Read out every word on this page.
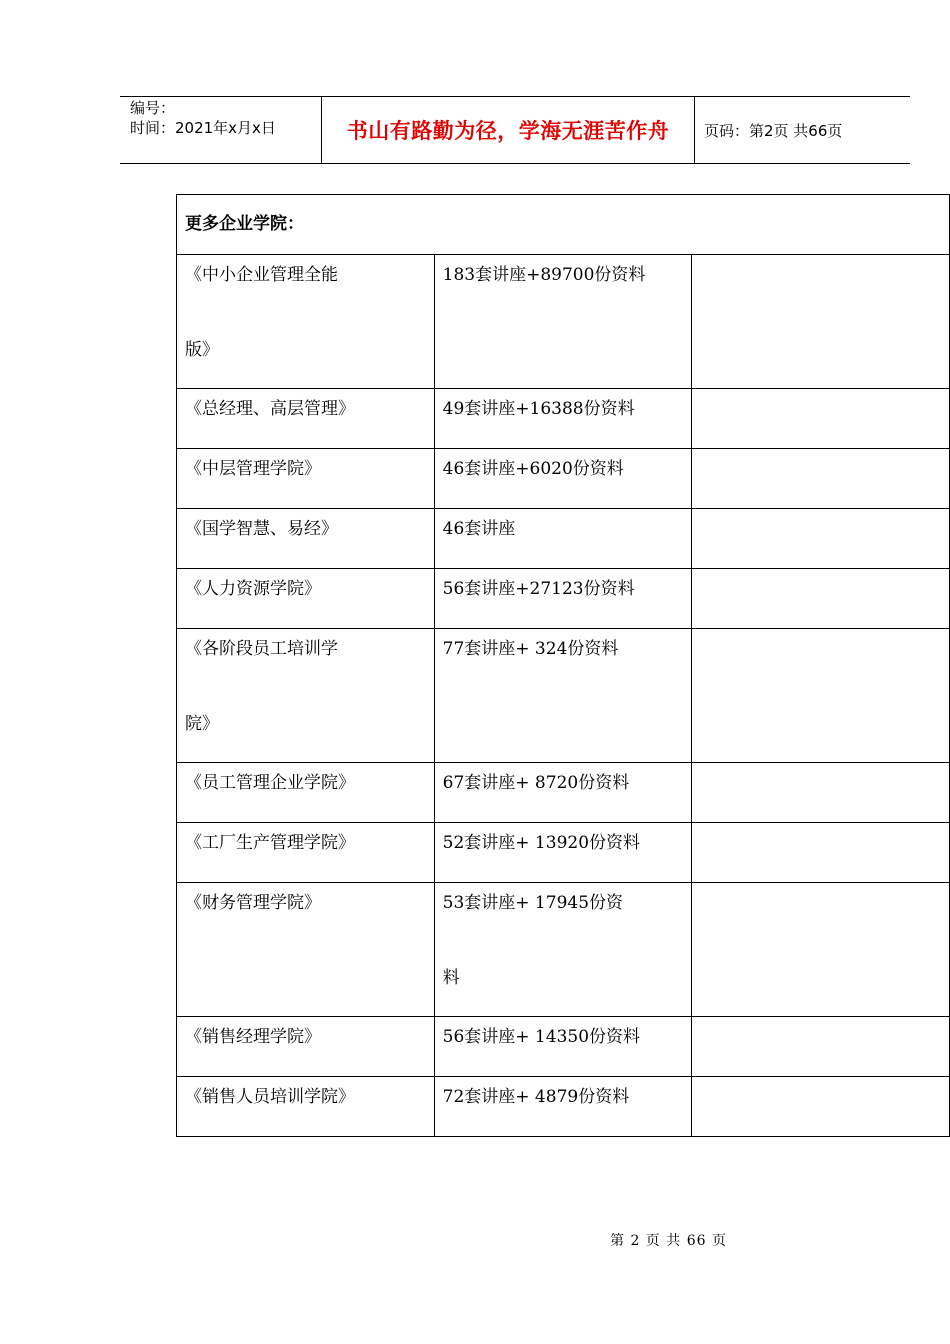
编号：
时间：2021年x月x日	书山有路勤为径，学海无涯苦作舟	页码：第2页 共66页
更多企业学院：		

《中小企业管理全能
版》	183套讲座+89700份资料	

《总经理、高层管理》	49套讲座+16388份资料	

《中层管理学院》	46套讲座+6020份资料	

《国学智慧、易经》	46套讲座	

《人力资源学院》	56套讲座+27123份资料	

《各阶段员工培训学
院》	77套讲座+ 324份资料	

《员工管理企业学院》	67套讲座+ 8720份资料	

《工厂生产管理学院》	52套讲座+ 13920份资料	

《财务管理学院》	53套讲座+ 17945份资
料	

《销售经理学院》	56套讲座+ 14350份资料	

《销售人员培训学院》	72套讲座+ 4879份资料	

第 2 页 共 66 页
